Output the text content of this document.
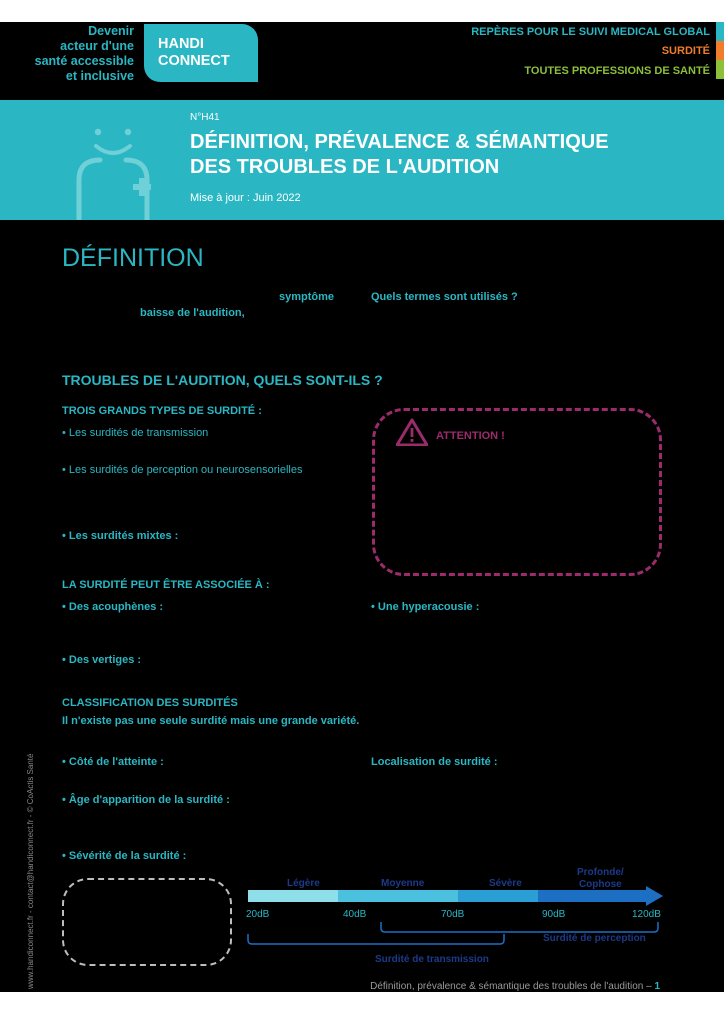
Devenir
acteur d'une
santé accessible
et inclusive
HANDI
CONNECT
REPÈRES POUR LE SUIVI MEDICAL GLOBAL
SURDITÉ
TOUTES PROFESSIONS DE SANTÉ
N°H41
DÉFINITION, PRÉVALENCE & SÉMANTIQUE
DES TROUBLES DE L'AUDITION
Mise à jour : Juin 2022
DÉFINITION
symptôme	Quels termes sont utilisés ?
baisse de l'audition,
TROUBLES DE L'AUDITION, QUELS SONT-ILS ?
TROIS GRANDS TYPES DE SURDITÉ :
• Les surdités de transmission
• Les surdités de perception ou neurosensorielles
• Les surdités mixtes :
ATTENTION !
LA SURDITÉ PEUT ÊTRE ASSOCIÉE À :
• Des acouphènes :	• Une hyperacousie :
• Des vertiges :
CLASSIFICATION DES SURDITÉS
Il n'existe pas une seule surdité mais une grande variété.
• Côté de l'atteinte :	Localisation de surdité :
• Âge d'apparition de la surdité :
• Sévérité de la surdité :
Légère	Moyenne	Sévère
Profonde/
Cophose
20dB	40dB	70dB	90dB	120dB
Surdité de perception
Surdité de transmission
www.handiconnect.fr - contact@handiconnect.fr - © CoActis Santé	Définition, prévalence & sémantique des troubles de l'audition – 1
